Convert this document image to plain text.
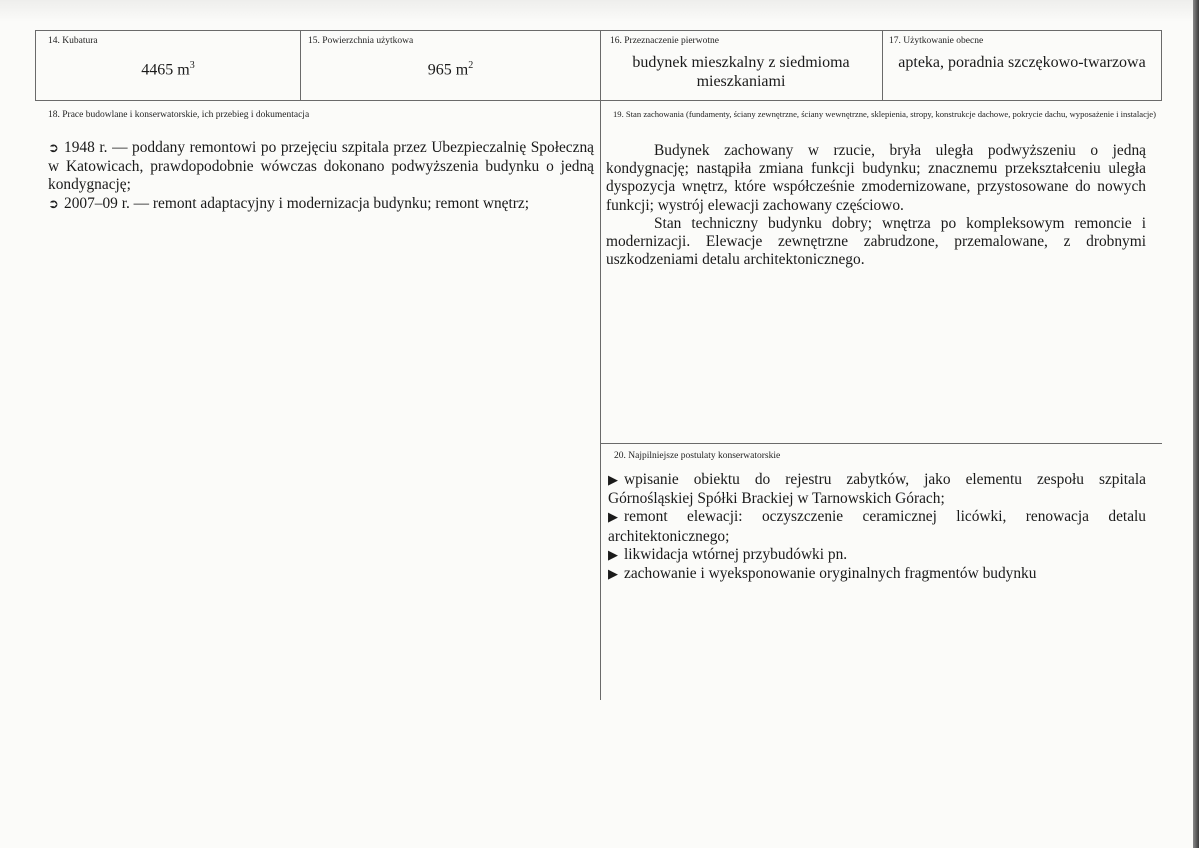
14. Kubatura
4465 $m^3$
15. Powierzchnia użytkowa
965 $m^2$
16. Przeznaczenie pierwotne
budynek mieszkalny z siedmioma mieszkaniami
17. Użytkowanie obecne
apteka, poradnia szczękowo-twarzowa
18. Prace budowlane i konserwatorskie, ich przebieg i dokumentacja
➲ 1948 r. — poddany remontowi po przejęciu szpitala przez Ubezpieczalnię Społeczną w Katowicach, prawdopodobnie wówczas dokonano podwyższenia budynku o jedną kondygnację;
➲ 2007–09 r. — remont adaptacyjny i modernizacja budynku; remont wnętrz;
19. Stan zachowania (fundamenty, ściany zewnętrzne, ściany wewnętrzne, sklepienia, stropy, konstrukcje dachowe, pokrycie dachu, wyposażenie i instalacje)
Budynek zachowany w rzucie, bryła uległa podwyższeniu o jedną kondygnację; nastąpiła zmiana funkcji budynku; znacznemu przekształceniu uległa dyspozycja wnętrz, które współcześnie zmodernizowane, przystosowane do nowych funkcji; wystrój elewacji zachowany częściowo.
Stan techniczny budynku dobry; wnętrza po kompleksowym remoncie i modernizacji. Elewacje zewnętrzne zabrudzone, przemalowane, z drobnymi uszkodzeniami detalu architektonicznego.
20. Najpilniejsze postulaty konserwatorskie
▶ wpisanie obiektu do rejestru zabytków, jako elementu zespołu szpitala Górnośląskiej Spółki Brackiej w Tarnowskich Górach;
▶ remont elewacji: oczyszczenie ceramicznej licówki, renowacja detalu architektonicznego;
▶ likwidacja wtórnej przybudówki pn.
▶ zachowanie i wyeksponowanie oryginalnych fragmentów budynku
